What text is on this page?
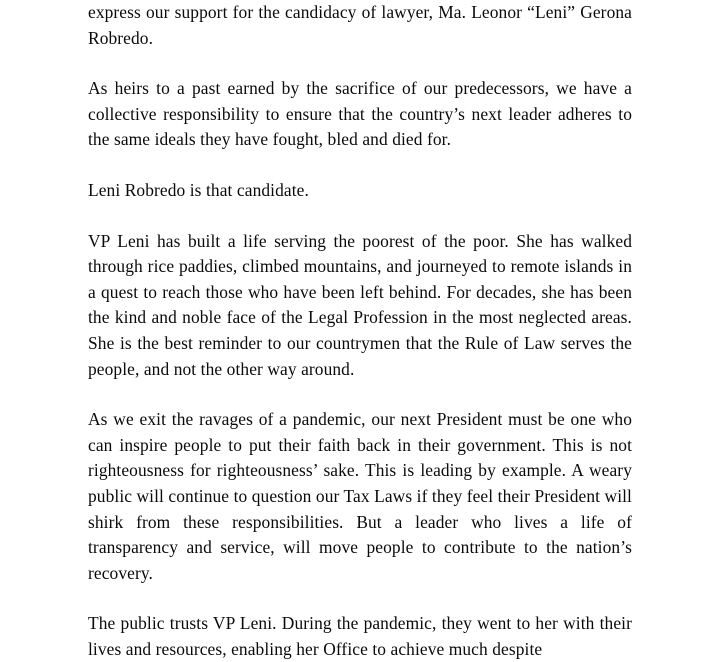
express our support for the candidacy of lawyer, Ma. Leonor “Leni” Gerona Robredo.

As heirs to a past earned by the sacrifice of our predecessors, we have a collective responsibility to ensure that the country’s next leader adheres to the same ideals they have fought, bled and died for.

Leni Robredo is that candidate.

VP Leni has built a life serving the poorest of the poor. She has walked through rice paddies, climbed mountains, and journeyed to remote islands in a quest to reach those who have been left behind. For decades, she has been the kind and noble face of the Legal Profession in the most neglected areas. She is the best reminder to our countrymen that the Rule of Law serves the people, and not the other way around.

As we exit the ravages of a pandemic, our next President must be one who can inspire people to put their faith back in their government. This is not righteousness for righteousness’ sake. This is leading by example. A weary public will continue to question our Tax Laws if they feel their President will shirk from these responsibilities. But a leader who lives a life of transparency and service, will move people to contribute to the nation’s recovery.

The public trusts VP Leni. During the pandemic, they went to her with their lives and resources, enabling her Office to achieve much despite
